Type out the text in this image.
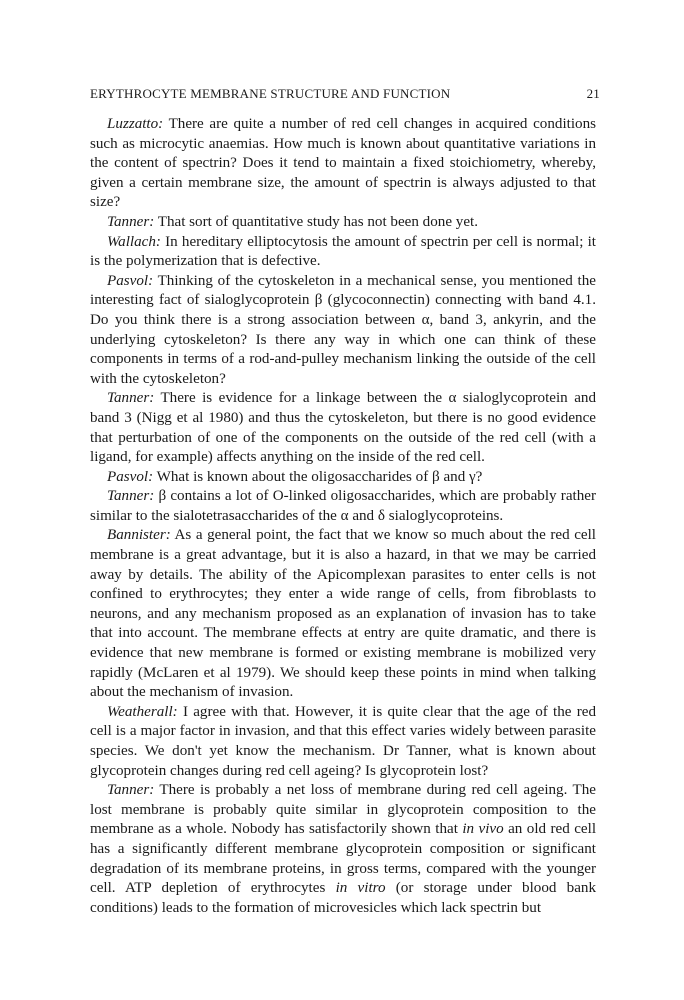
ERYTHROCYTE MEMBRANE STRUCTURE AND FUNCTION	21

Luzzatto: There are quite a number of red cell changes in acquired conditions such as microcytic anaemias. How much is known about quantitative variations in the content of spectrin? Does it tend to maintain a fixed stoichiometry, whereby, given a certain membrane size, the amount of spectrin is always adjusted to that size?

Tanner: That sort of quantitative study has not been done yet.

Wallach: In hereditary elliptocytosis the amount of spectrin per cell is normal; it is the polymerization that is defective.

Pasvol: Thinking of the cytoskeleton in a mechanical sense, you mentioned the interesting fact of sialoglycoprotein β (glycoconnectin) connecting with band 4.1. Do you think there is a strong association between α, band 3, ankyrin, and the underlying cytoskeleton? Is there any way in which one can think of these components in terms of a rod-and-pulley mechanism linking the outside of the cell with the cytoskeleton?

Tanner: There is evidence for a linkage between the α sialoglycoprotein and band 3 (Nigg et al 1980) and thus the cytoskeleton, but there is no good evidence that perturbation of one of the components on the outside of the red cell (with a ligand, for example) affects anything on the inside of the red cell.

Pasvol: What is known about the oligosaccharides of β and γ?

Tanner: β contains a lot of O-linked oligosaccharides, which are probably rather similar to the sialotetrasaccharides of the α and δ sialoglycoproteins.

Bannister: As a general point, the fact that we know so much about the red cell membrane is a great advantage, but it is also a hazard, in that we may be carried away by details. The ability of the Apicomplexan parasites to enter cells is not confined to erythrocytes; they enter a wide range of cells, from fibroblasts to neurons, and any mechanism proposed as an explanation of invasion has to take that into account. The membrane effects at entry are quite dramatic, and there is evidence that new membrane is formed or existing membrane is mobilized very rapidly (McLaren et al 1979). We should keep these points in mind when talking about the mechanism of invasion.

Weatherall: I agree with that. However, it is quite clear that the age of the red cell is a major factor in invasion, and that this effect varies widely between parasite species. We don't yet know the mechanism. Dr Tanner, what is known about glycoprotein changes during red cell ageing? Is glycoprotein lost?

Tanner: There is probably a net loss of membrane during red cell ageing. The lost membrane is probably quite similar in glycoprotein composition to the membrane as a whole. Nobody has satisfactorily shown that in vivo an old red cell has a significantly different membrane glycoprotein composition or significant degradation of its membrane proteins, in gross terms, compared with the younger cell. ATP depletion of erythrocytes in vitro (or storage under blood bank conditions) leads to the formation of microvesicles which lack spectrin but
